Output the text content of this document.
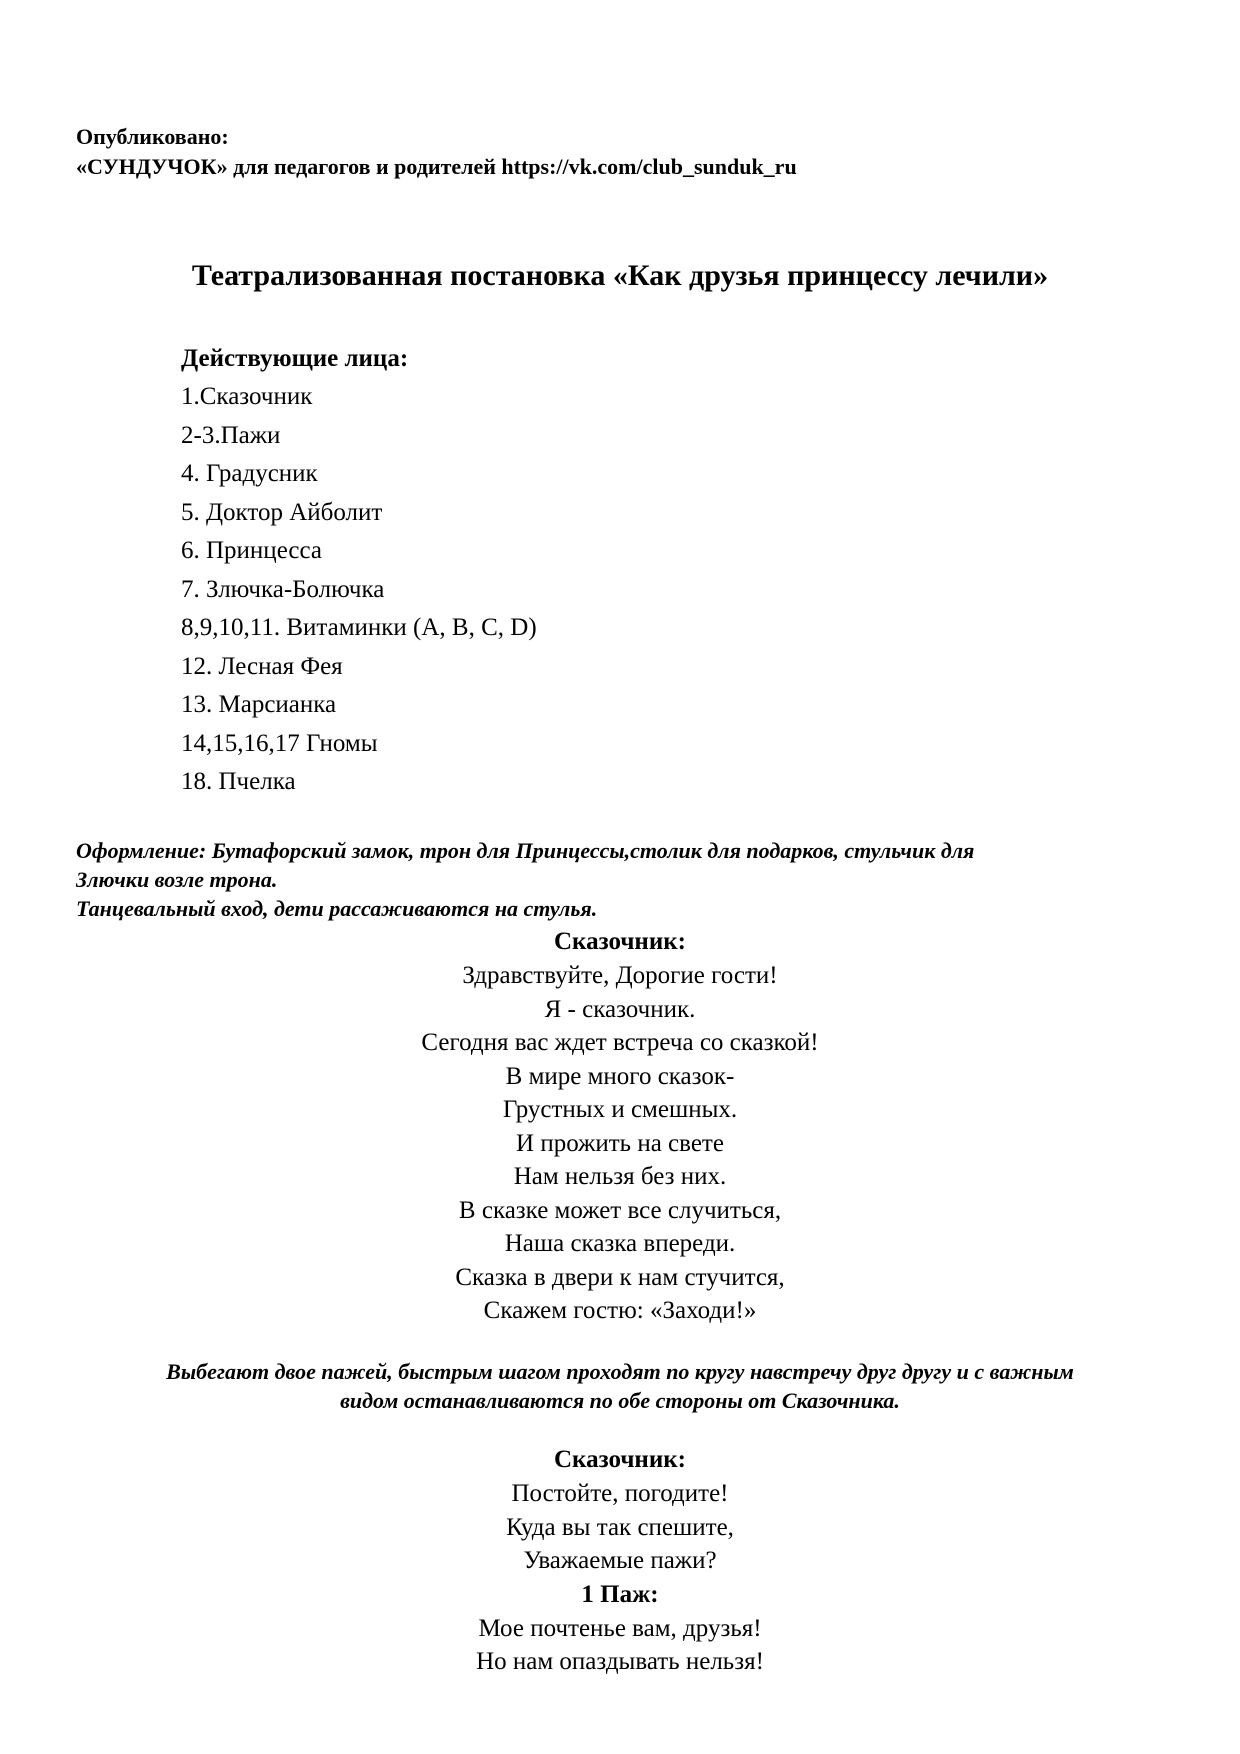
Опубликовано:
«СУНДУЧОК» для педагогов и родителей https://vk.com/club_sunduk_ru
Театрализованная постановка «Как друзья принцессу лечили»
Действующие лица:
1.Сказочник
2-3.Пажи
4. Градусник
5. Доктор Айболит
6. Принцесса
7. Злючка-Болючка
8,9,10,11. Витаминки (A, B, C, D)
12. Лесная Фея
13. Марсианка
14,15,16,17 Гномы
18. Пчелка
Оформление: Бутафорский замок, трон для Принцессы,столик для подарков, стульчик для
Злючки возле трона.
Танцевальный вход, дети рассаживаются на стулья.
Сказочник:
Здравствуйте, Дорогие гости!
Я - сказочник.
Сегодня вас ждет встреча со сказкой!
В мире много сказок-
Грустных и смешных.
И прожить на свете
Нам нельзя без них.
В сказке может все случиться,
Наша сказка впереди.
Сказка в двери к нам стучится,
Скажем гостю: «Заходи!»
Выбегают двое пажей, быстрым шагом проходят по кругу навстречу друг другу и с важным
видом останавливаются по обе стороны от Сказочника.
Сказочник:
Постойте, погодите!
Куда вы так спешите,
Уважаемые пажи?
1 Паж:
Мое почтенье вам, друзья!
Но нам опаздывать нельзя!
